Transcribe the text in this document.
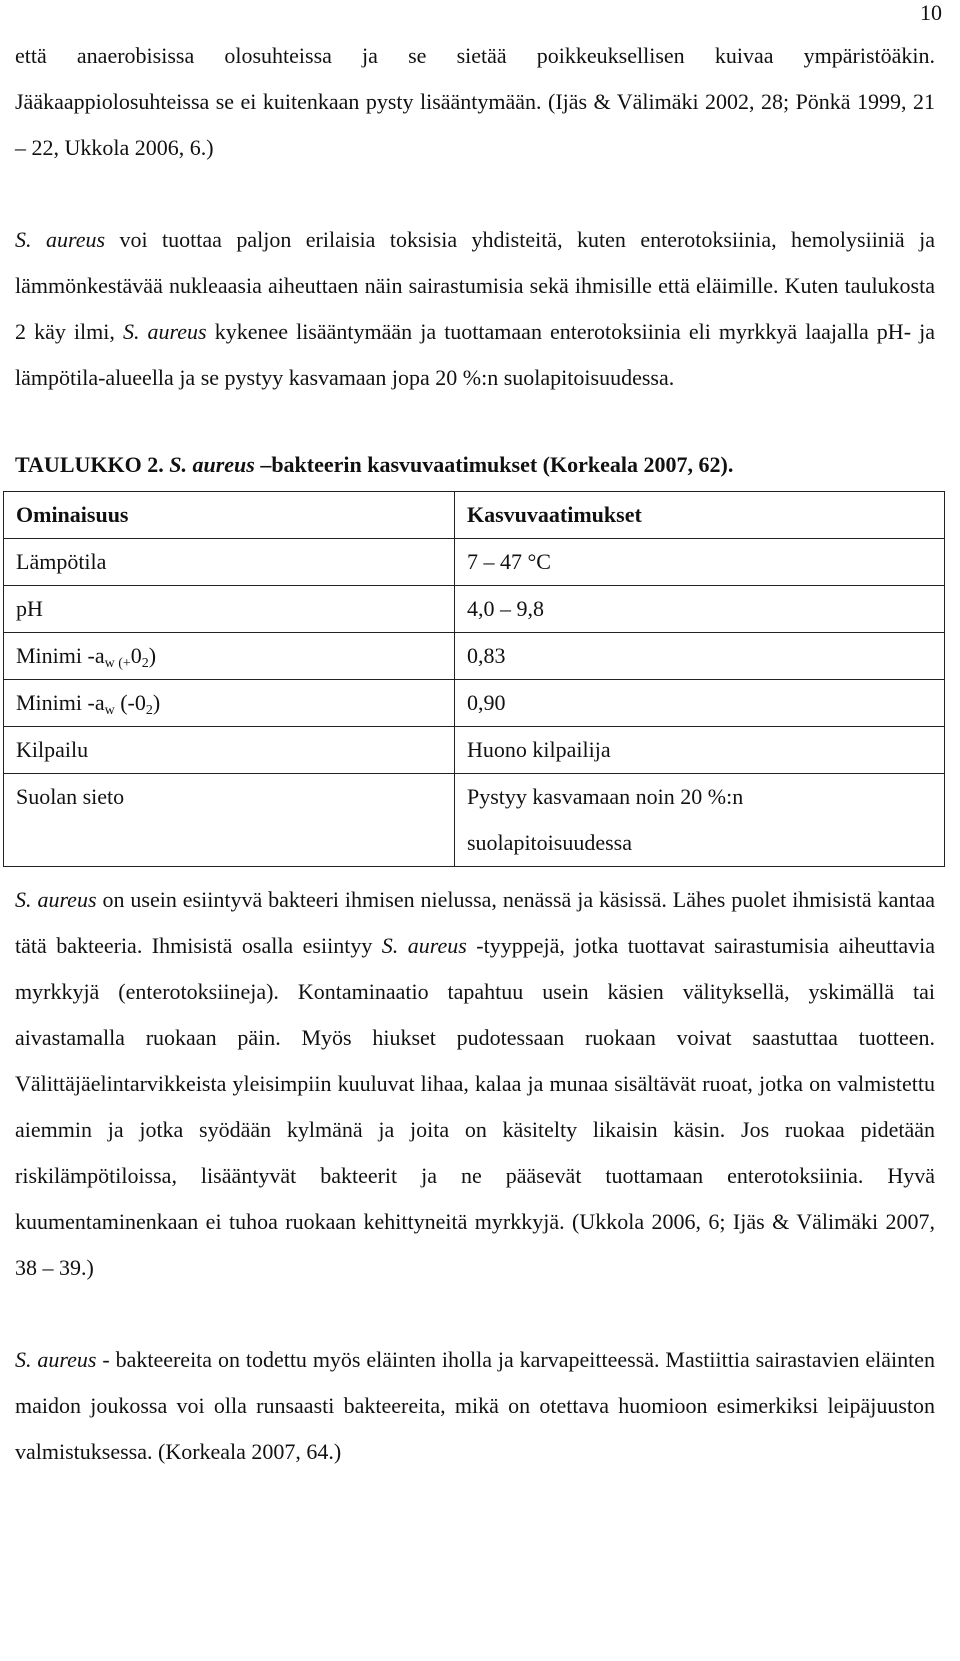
10

että anaerobisissa olosuhteissa ja se sietää poikkeuksellisen kuivaa ympäristöäkin. Jääkaappiolosuhteissa se ei kuitenkaan pysty lisääntymään. (Ijäs & Välimäki 2002, 28; Pönkä 1999, 21 – 22, Ukkola 2006, 6.)

S. aureus voi tuottaa paljon erilaisia toksisia yhdisteitä, kuten enterotoksiinia, hemolysiiniä ja lämmönkestävää nukleaasia aiheuttaen näin sairastumisia sekä ihmisille että eläimille. Kuten taulukosta 2 käy ilmi, S. aureus kykenee lisääntymään ja tuottamaan enterotoksiinia eli myrkkyä laajalla pH- ja lämpötila-alueella ja se pystyy kasvamaan jopa 20 %:n suolapitoisuudessa.

TAULUKKO 2. S. aureus –bakteerin kasvuvaatimukset (Korkeala 2007, 62).
Ominaisuus	Kasvuvaatimukset
Lämpötila	7 – 47 °C
pH	4,0 – 9,8
Minimi $-a_{w (+}0_2$)	0,83
Minimi $-a_w$ $(-0_2)$	0,90
Kilpailu	Huono kilpailija
Suolan sieto	Pystyy kasvamaan noin 20 %:n suolapitoisuudessa

S. aureus on usein esiintyvä bakteeri ihmisen nielussa, nenässä ja käsissä. Lähes puolet ihmisistä kantaa tätä bakteeria. Ihmisistä osalla esiintyy S. aureus -tyyppejä, jotka tuottavat sairastumisia aiheuttavia myrkkyjä (enterotoksiineja). Kontaminaatio tapahtuu usein käsien välityksellä, yskimällä tai aivastamalla ruokaan päin. Myös hiukset pudotessaan ruokaan voivat saastuttaa tuotteen. Välittäjäelintarvikkeista yleisimpiin kuuluvat lihaa, kalaa ja munaa sisältävät ruoat, jotka on valmistettu aiemmin ja jotka syödään kylmänä ja joita on käsitelty likaisin käsin. Jos ruokaa pidetään riskilämpötiloissa, lisääntyvät bakteerit ja ne pääsevät tuottamaan enterotoksiinia. Hyvä kuumentaminenkaan ei tuhoa ruokaan kehittyneitä myrkkyjä. (Ukkola 2006, 6; Ijäs & Välimäki 2007, 38 – 39.)

S. aureus - bakteereita on todettu myös eläinten iholla ja karvapeitteessä. Mastiittia sairastavien eläinten maidon joukossa voi olla runsaasti bakteereita, mikä on otettava huomioon esimerkiksi leipäjuuston valmistuksessa. (Korkeala 2007, 64.)
